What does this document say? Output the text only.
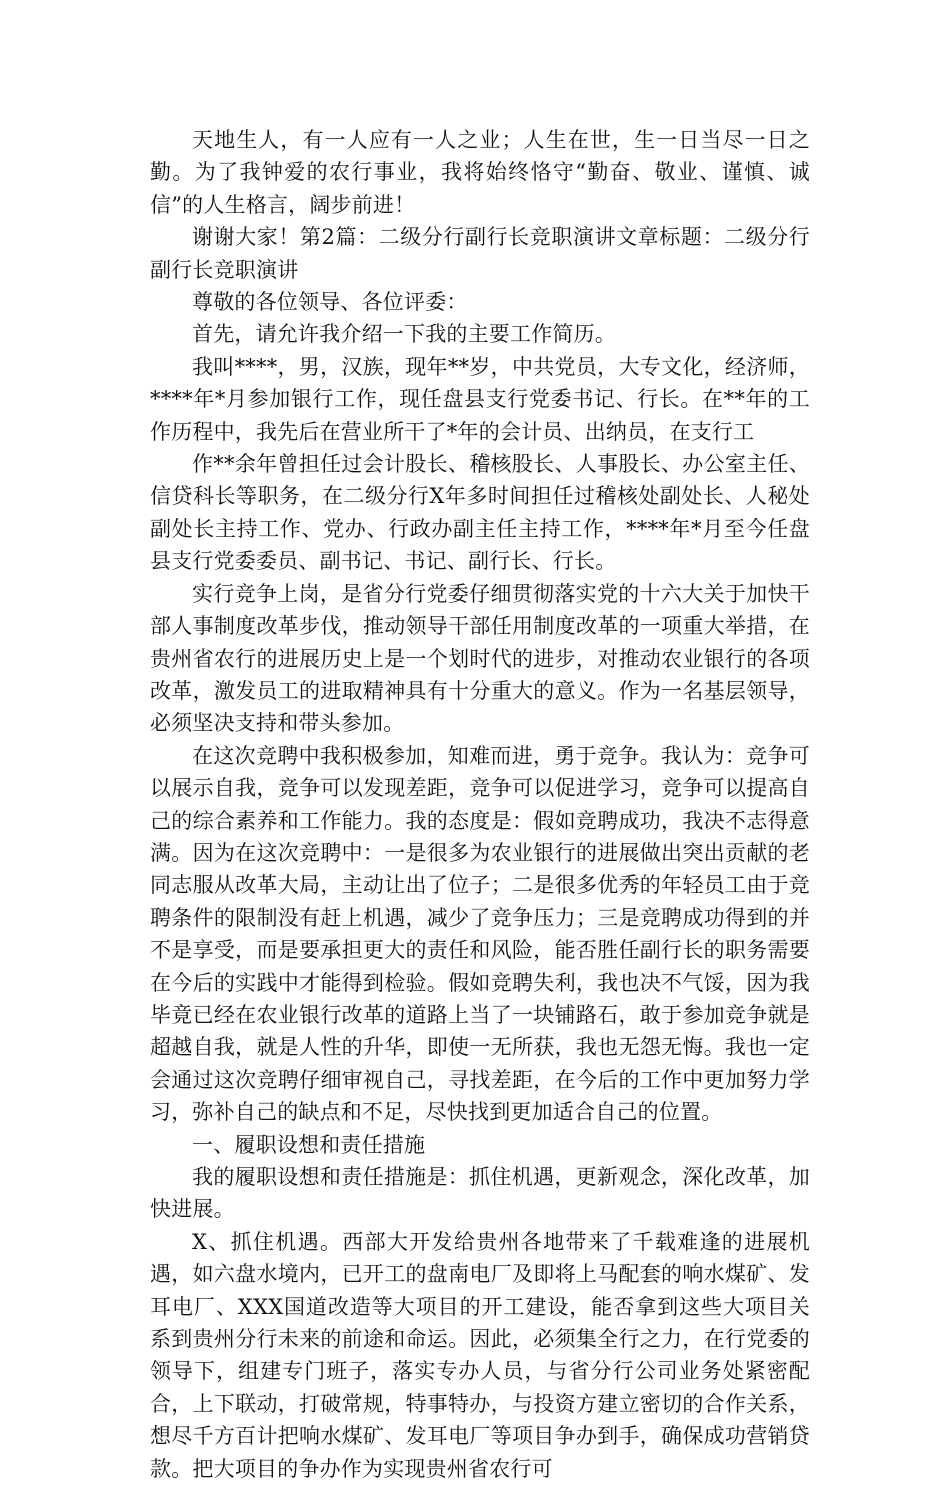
天地生人，有一人应有一人之业；人生在世，生一日当尽一日之勤。为了我钟爱的农行事业，我将始终恪守“勤奋、敬业、谨慎、诚信”的人生格言，阔步前进！

谢谢大家！第2篇：二级分行副行长竞职演讲文章标题：二级分行副行长竞职演讲

尊敬的各位领导、各位评委：

首先，请允许我介绍一下我的主要工作简历。

我叫****，男，汉族，现年**岁，中共党员，大专文化，经济师，****年*月参加银行工作，现任盘县支行党委书记、行长。在**年的工作历程中，我先后在营业所干了*年的会计员、出纳员，在支行工

作**余年曾担任过会计股长、稽核股长、人事股长、办公室主任、信贷科长等职务，在二级分行X年多时间担任过稽核处副处长、人秘处副处长主持工作、党办、行政办副主任主持工作，****年*月至今任盘县支行党委委员、副书记、书记、副行长、行长。

实行竞争上岗，是省分行党委仔细贯彻落实党的十六大关于加快干部人事制度改革步伐，推动领导干部任用制度改革的一项重大举措，在贵州省农行的进展历史上是一个划时代的进步，对推动农业银行的各项改革，激发员工的进取精神具有十分重大的意义。作为一名基层领导，必须坚决支持和带头参加。

在这次竞聘中我积极参加，知难而进，勇于竞争。我认为：竞争可以展示自我，竞争可以发现差距，竞争可以促进学习，竞争可以提高自己的综合素养和工作能力。我的态度是：假如竞聘成功，我决不志得意满。因为在这次竞聘中：一是很多为农业银行的进展做出突出贡献的老同志服从改革大局，主动让出了位子；二是很多优秀的年轻员工由于竞聘条件的限制没有赶上机遇，减少了竞争压力；三是竞聘成功得到的并不是享受，而是要承担更大的责任和风险，能否胜任副行长的职务需要在今后的实践中才能得到检验。假如竞聘失利，我也决不气馁，因为我毕竟已经在农业银行改革的道路上当了一块铺路石，敢于参加竞争就是超越自我，就是人性的升华，即使一无所获，我也无怨无悔。我也一定会通过这次竞聘仔细审视自己，寻找差距，在今后的工作中更加努力学习，弥补自己的缺点和不足，尽快找到更加适合自己的位置。

一、履职设想和责任措施

我的履职设想和责任措施是：抓住机遇，更新观念，深化改革，加快进展。

X、抓住机遇。西部大开发给贵州各地带来了千载难逢的进展机遇，如六盘水境内，已开工的盘南电厂及即将上马配套的响水煤矿、发耳电厂、XXX国道改造等大项目的开工建设，能否拿到这些大项目关系到贵州分行未来的前途和命运。因此，必须集全行之力，在行党委的领导下，组建专门班子，落实专办人员，与省分行公司业务处紧密配合，上下联动，打破常规，特事特办，与投资方建立密切的合作关系，想尽千方百计把响水煤矿、发耳电厂等项目争办到手，确保成功营销贷款。把大项目的争办作为实现贵州省农行可
